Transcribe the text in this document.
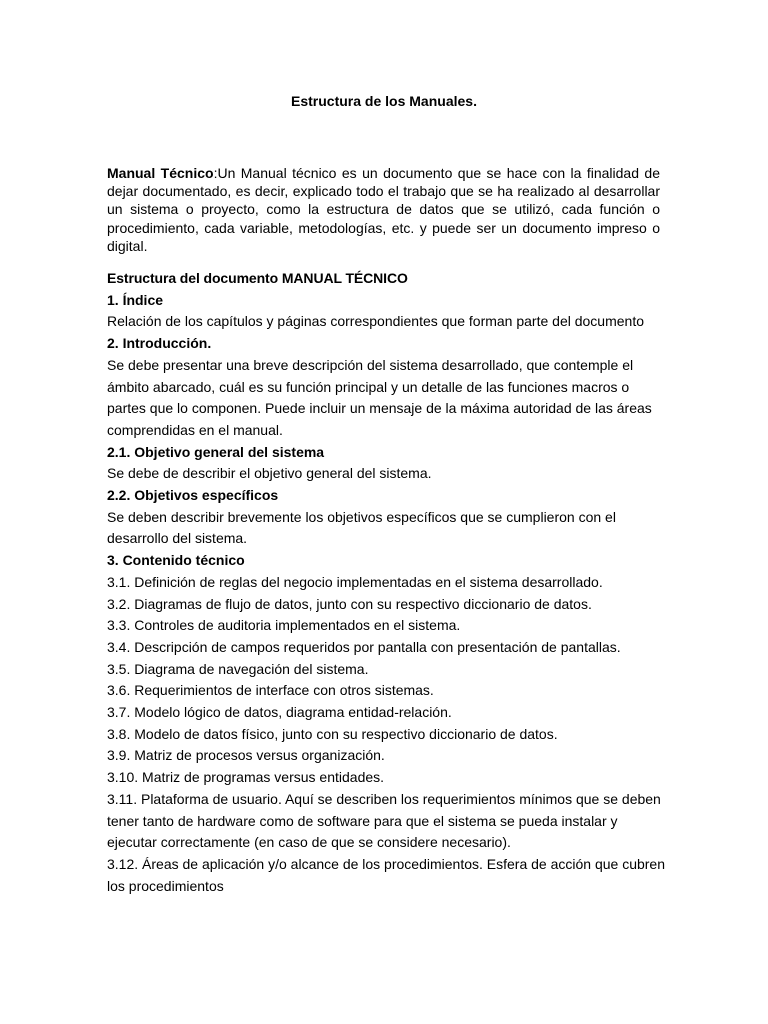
Estructura de los Manuales.
Manual Técnico:Un Manual técnico es un documento que se hace con la finalidad de dejar documentado, es decir, explicado todo el trabajo que se ha realizado al desarrollar un sistema o proyecto, como la estructura de datos que se utilizó, cada función o procedimiento, cada variable, metodologías, etc. y puede ser un documento impreso o digital.

Estructura del documento MANUAL TÉCNICO

1. Índice

Relación de los capítulos y páginas correspondientes que forman parte del documento

2. Introducción.

Se debe presentar una breve descripción del sistema desarrollado, que contemple el ámbito abarcado, cuál es su función principal y un detalle de las funciones macros o partes que lo componen. Puede incluir un mensaje de la máxima autoridad de las áreas comprendidas en el manual.

2.1. Objetivo general del sistema

Se debe de describir el objetivo general del sistema.

2.2. Objetivos específicos

Se deben describir brevemente los objetivos específicos que se cumplieron con el desarrollo del sistema.

3. Contenido técnico

3.1. Definición de reglas del negocio implementadas en el sistema desarrollado.

3.2. Diagramas de flujo de datos, junto con su respectivo diccionario de datos.

3.3. Controles de auditoria implementados en el sistema.

3.4. Descripción de campos requeridos por pantalla con presentación de pantallas.

3.5. Diagrama de navegación del sistema.

3.6. Requerimientos de interface con otros sistemas.

3.7. Modelo lógico de datos, diagrama entidad-relación.

3.8. Modelo de datos físico, junto con su respectivo diccionario de datos.

3.9. Matriz de procesos versus organización.

3.10. Matriz de programas versus entidades.

3.11. Plataforma de usuario. Aquí se describen los requerimientos mínimos que se deben tener tanto de hardware como de software para que el sistema se pueda instalar y ejecutar correctamente (en caso de que se considere necesario).

3.12. Áreas de aplicación y/o alcance de los procedimientos. Esfera de acción que cubren los procedimientos
